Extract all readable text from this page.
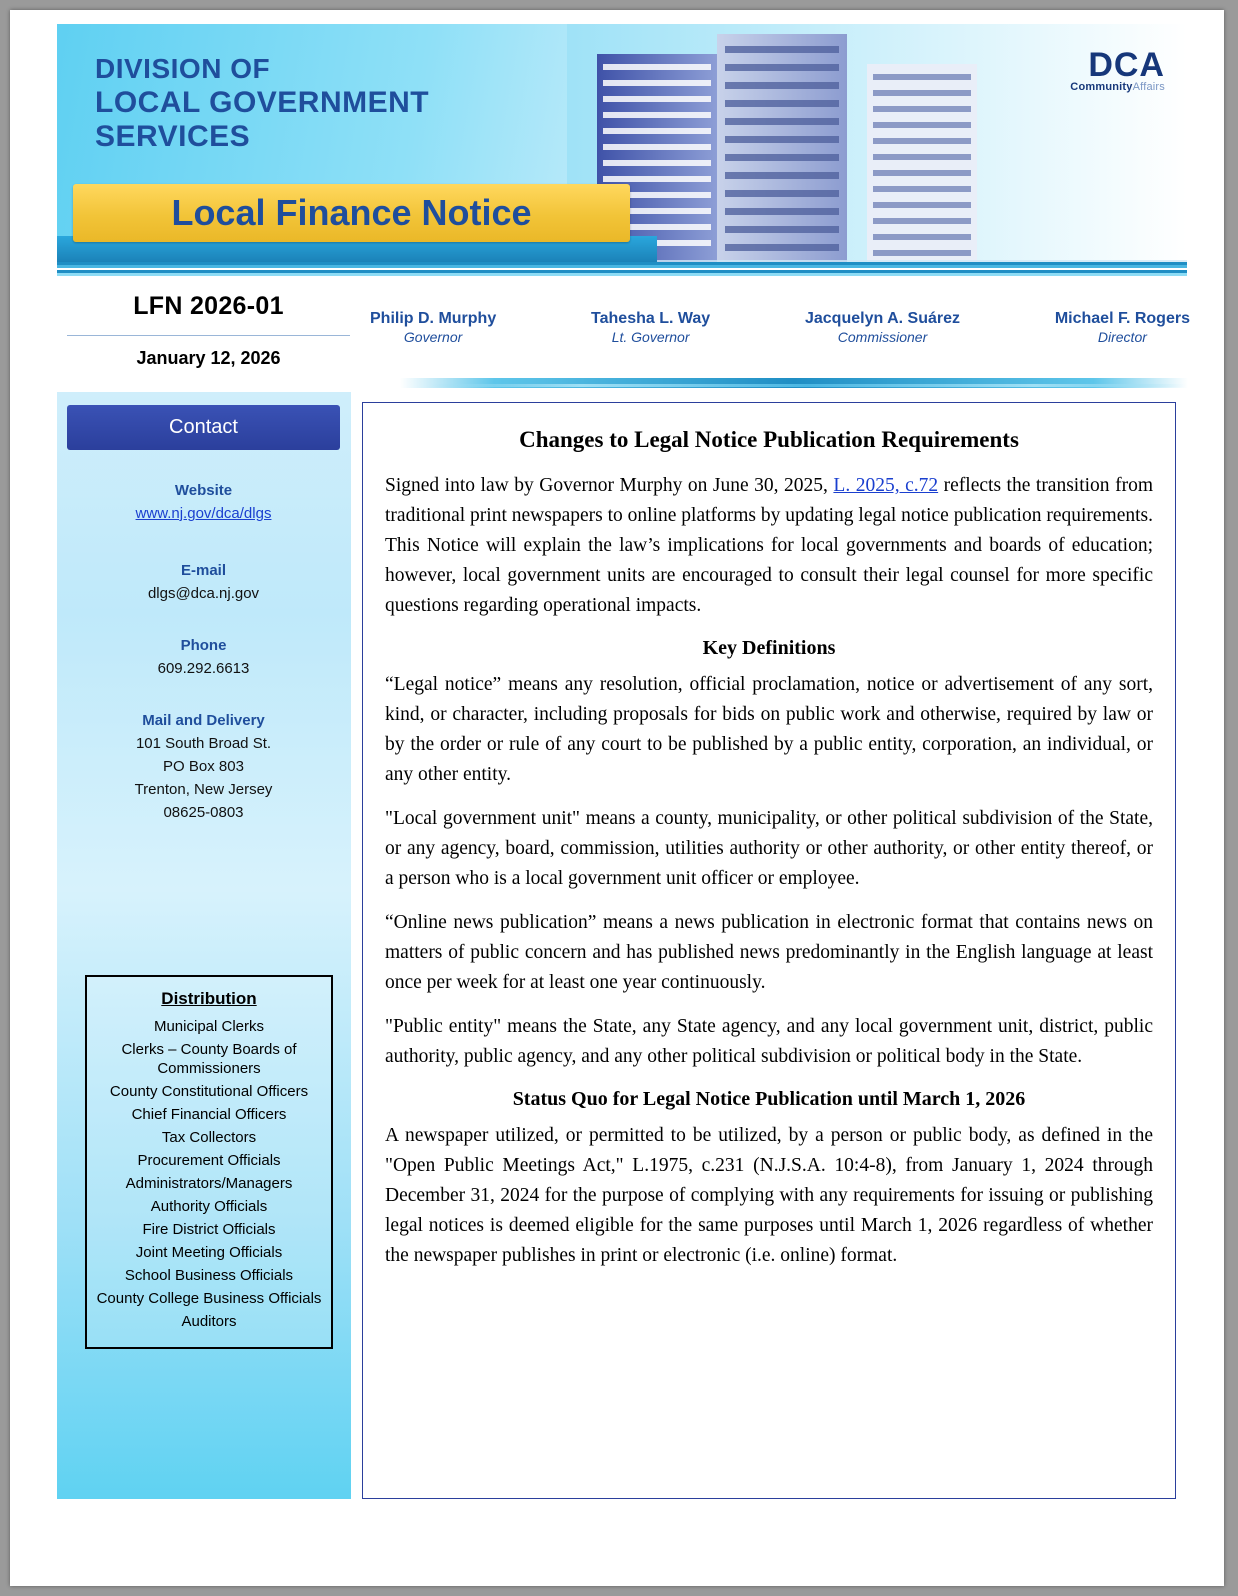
DIVISION OF
LOCAL GOVERNMENT
SERVICES
Local Finance Notice
DCA
CommunityAffairs
LFN 2026-01
January 12, 2026
Philip D. Murphy
Governor
Tahesha L. Way
Lt. Governor
Jacquelyn A. Suárez
Commissioner
Michael F. Rogers
Director
Contact
Website
www.nj.gov/dca/dlgs
E-mail
dlgs@dca.nj.gov
Phone
609.292.6613
Mail and Delivery
101 South Broad St.
PO Box 803
Trenton, New Jersey
08625-0803
Distribution
Municipal Clerks
Clerks – County Boards of Commissioners
County Constitutional Officers
Chief Financial Officers
Tax Collectors
Procurement Officials
Administrators/Managers
Authority Officials
Fire District Officials
Joint Meeting Officials
School Business Officials
County College Business Officials
Auditors
Changes to Legal Notice Publication Requirements

Signed into law by Governor Murphy on June 30, 2025, L. 2025, c.72 reflects the transition from traditional print newspapers to online platforms by updating legal notice publication requirements. This Notice will explain the law’s implications for local governments and boards of education; however, local government units are encouraged to consult their legal counsel for more specific questions regarding operational impacts.

Key Definitions

“Legal notice” means any resolution, official proclamation, notice or advertisement of any sort, kind, or character, including proposals for bids on public work and otherwise, required by law or by the order or rule of any court to be published by a public entity, corporation, an individual, or any other entity.

"Local government unit" means a county, municipality, or other political subdivision of the State, or any agency, board, commission, utilities authority or other authority, or other entity thereof, or a person who is a local government unit officer or employee.

“Online news publication” means a news publication in electronic format that contains news on matters of public concern and has published news predominantly in the English language at least once per week for at least one year continuously.

"Public entity" means the State, any State agency, and any local government unit, district, public authority, public agency, and any other political subdivision or political body in the State.

Status Quo for Legal Notice Publication until March 1, 2026

A newspaper utilized, or permitted to be utilized, by a person or public body, as defined in the "Open Public Meetings Act," L.1975, c.231 (N.J.S.A. 10:4-8), from January 1, 2024 through December 31, 2024 for the purpose of complying with any requirements for issuing or publishing legal notices is deemed eligible for the same purposes until March 1, 2026 regardless of whether the newspaper publishes in print or electronic (i.e. online) format.
